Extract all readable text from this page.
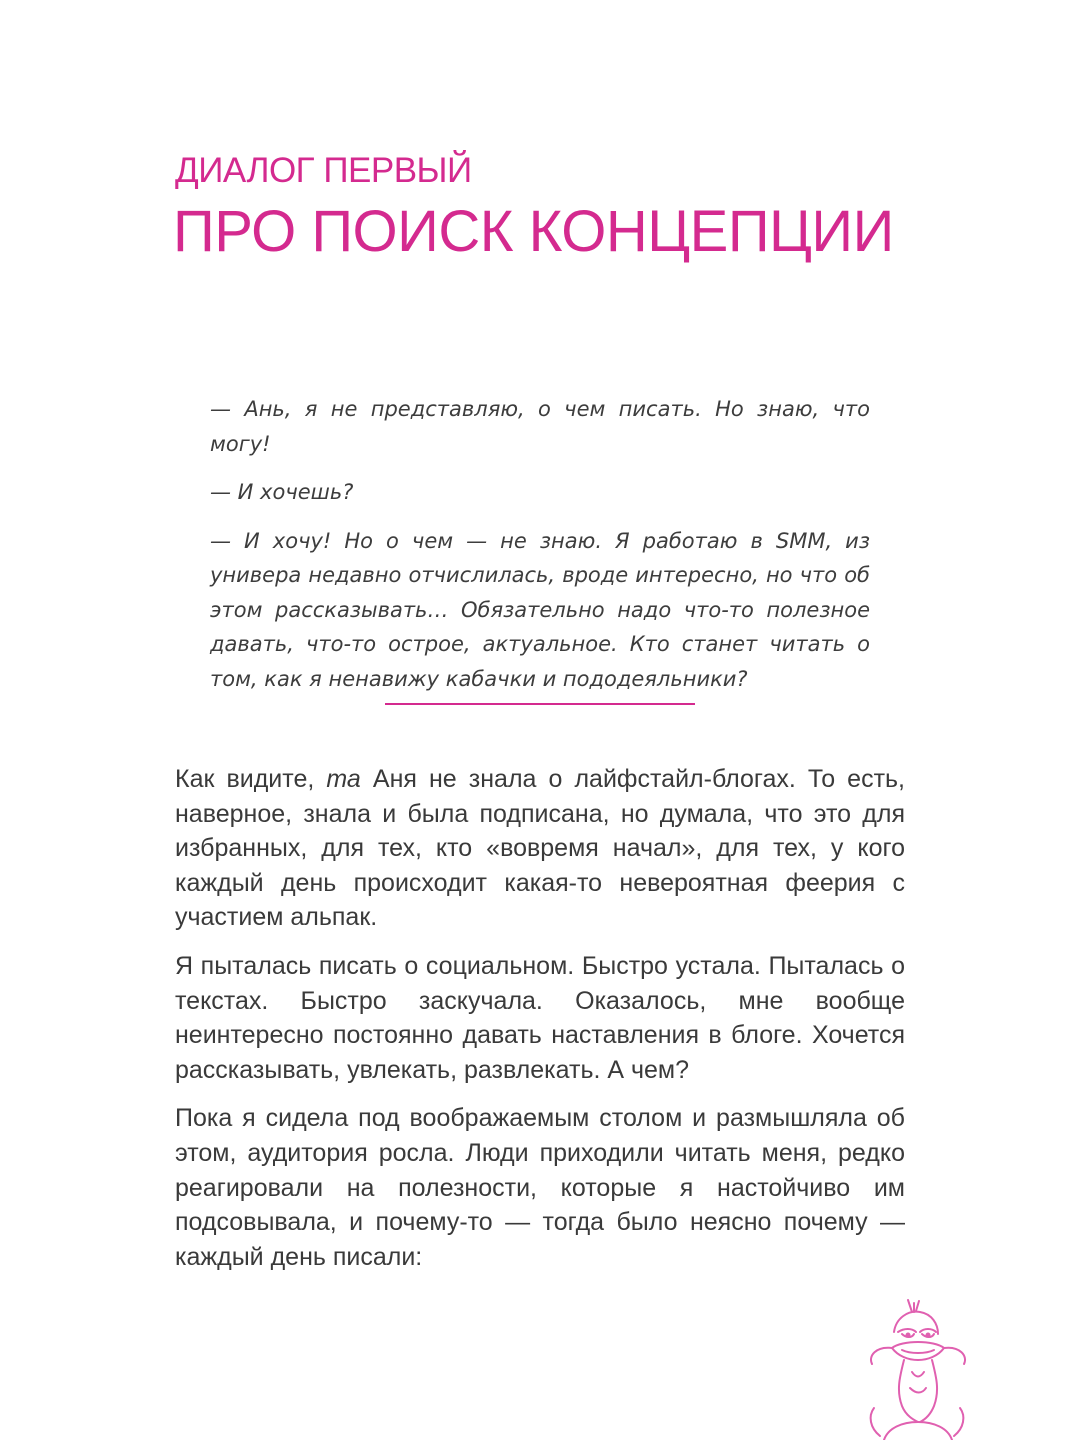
ДИАЛОГ ПЕРВЫЙ
ПРО ПОИСК КОНЦЕПЦИИ

— Ань, я не представляю, о чем писать. Но знаю, что могу!

— И хочешь?

— И хочу! Но о чем — не знаю. Я работаю в SMM, из универа недавно отчислилась, вроде интересно, но что об этом рассказывать… Обязательно надо что-то полезное давать, что-то острое, актуальное. Кто станет читать о том, как я ненавижу кабачки и пододеяльники?

Как видите, та Аня не знала о лайфстайл-блогах. То есть, наверное, знала и была подписана, но думала, что это для избранных, для тех, кто «вовремя начал», для тех, у кого каждый день происходит какая-то невероятная феерия с участием альпак.

Я пыталась писать о социальном. Быстро устала. Пыталась о текстах. Быстро заскучала. Оказалось, мне вообще неинтересно постоянно давать наставления в блоге. Хочется рассказывать, увлекать, развлекать. А чем?

Пока я сидела под воображаемым столом и размышляла об этом, аудитория росла. Люди приходили читать меня, редко реагировали на полезности, которые я настойчиво им подсовывала, и почему-то — тогда было неясно почему — каждый день писали:
